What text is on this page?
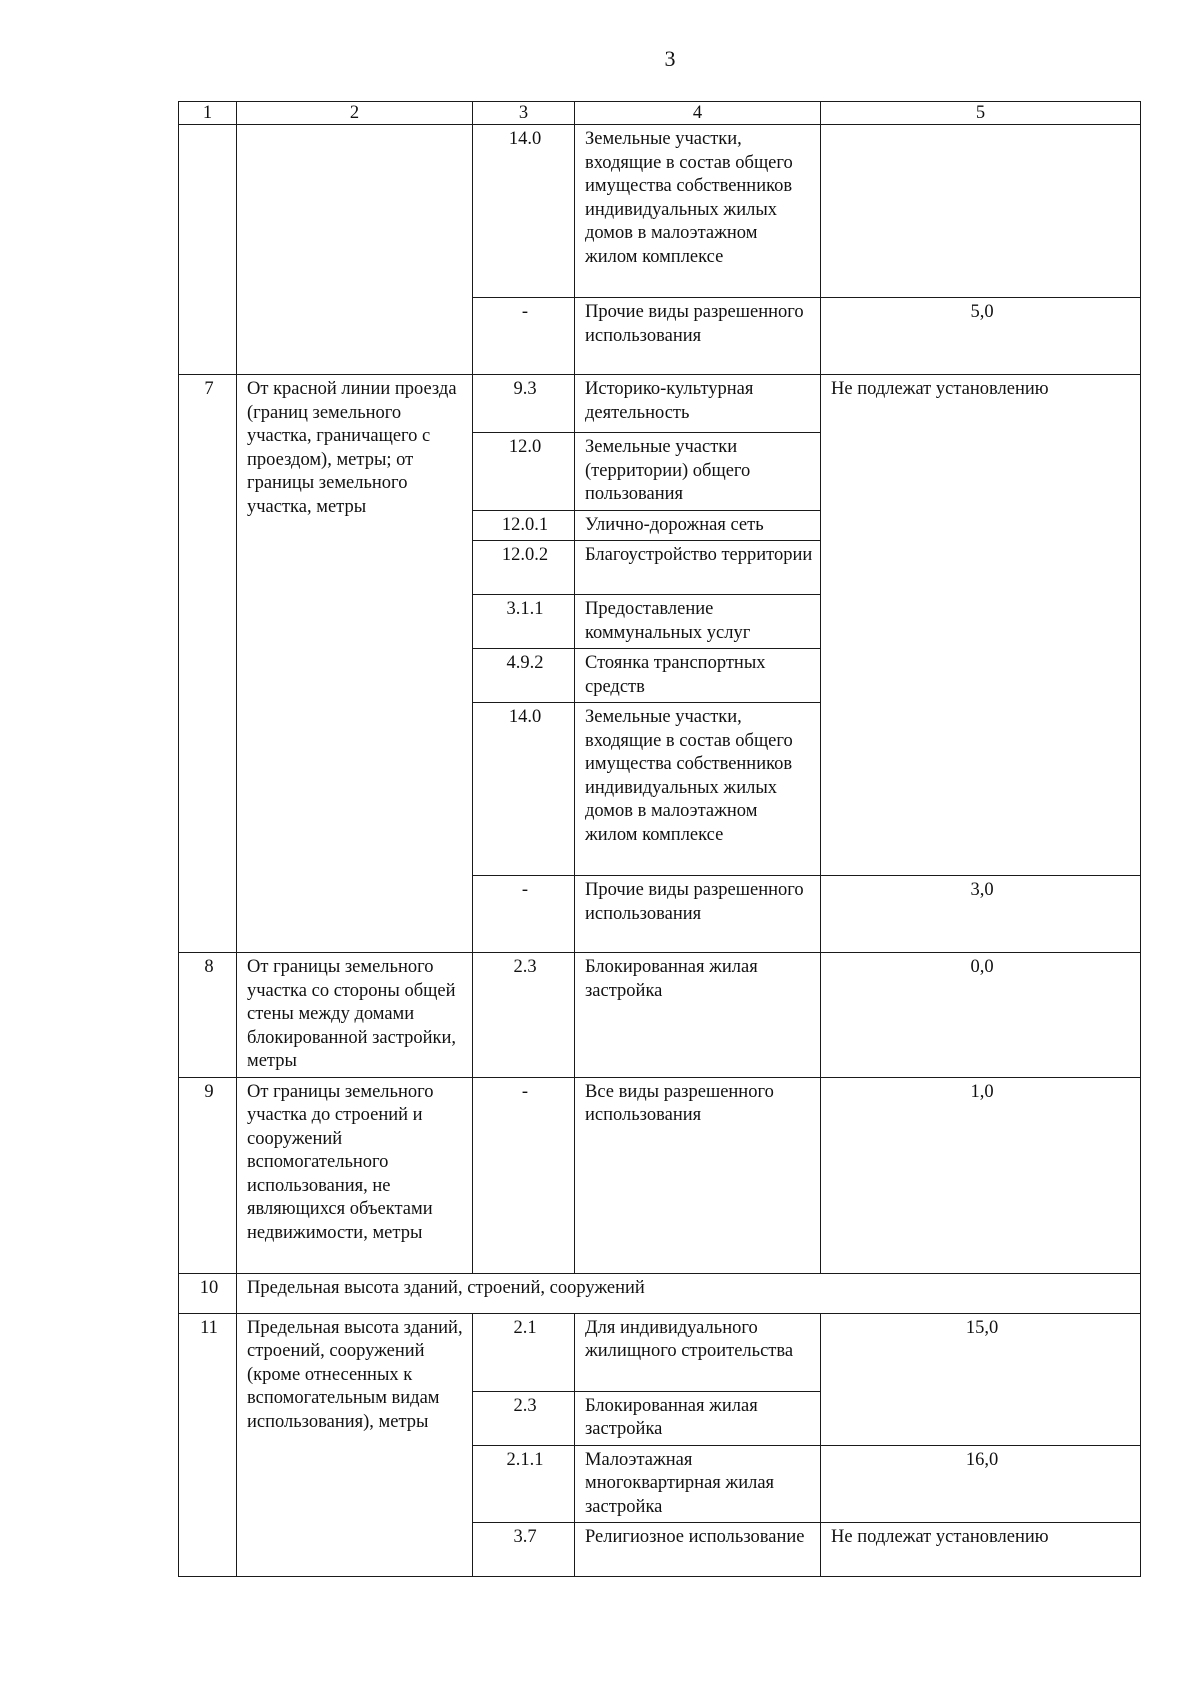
3
1	2	3	4	5
		14.0	Земельные участки, входящие в состав общего имущества собственников индивидуальных жилых домов в малоэтажном жилом комплексе	
		-	Прочие виды разрешенного использования	5,0
7	От красной линии проезда (границ земельного участка, граничащего с проездом), метры; от границы земельного участка, метры	9.3	Историко-культурная деятельность	Не подлежат установлению
		12.0	Земельные участки (территории) общего пользования	
		12.0.1	Улично-дорожная сеть	
		12.0.2	Благоустройство территории	
		3.1.1	Предоставление коммунальных услуг	
		4.9.2	Стоянка транспортных средств	
		14.0	Земельные участки, входящие в состав общего имущества собственников индивидуальных жилых домов в малоэтажном жилом комплексе	
		-	Прочие виды разрешенного использования	3,0
8	От границы земельного участка со стороны общей стены между домами блокированной застройки, метры	2.3	Блокированная жилая застройка	0,0
9	От границы земельного участка до строений и сооружений вспомогательного использования, не являющихся объектами недвижимости, метры	-	Все виды разрешенного использования	1,0
10	Предельная высота зданий, строений, сооружений			
11	Предельная высота зданий, строений, сооружений (кроме отнесенных к вспомогательным видам использования), метры	2.1	Для индивидуального жилищного строительства	15,0
		2.3	Блокированная жилая застройка	
		2.1.1	Малоэтажная многоквартирная жилая застройка	16,0
		3.7	Религиозное использование	Не подлежат установлению
